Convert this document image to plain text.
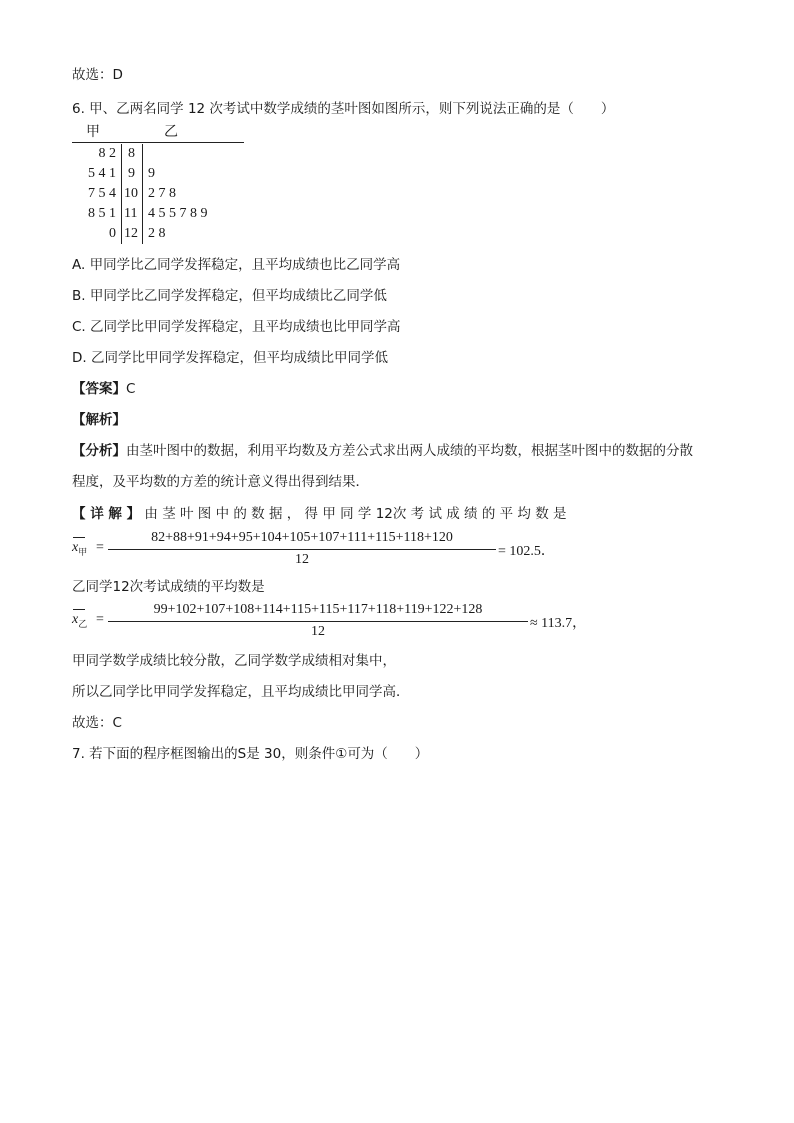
故选：D
6. 甲、乙两名同学 12 次考试中数学成绩的茎叶图如图所示，则下列说法正确的是（　　）
甲	乙
8 2 8
5 4 1 9 9
7 5 4 10 2 7 8
8 5 1 11 4 5 5 7 8 9
0 12 2 8
A. 甲同学比乙同学发挥稳定，且平均成绩也比乙同学高
B. 甲同学比乙同学发挥稳定，但平均成绩比乙同学低
C. 乙同学比甲同学发挥稳定，且平均成绩也比甲同学高
D. 乙同学比甲同学发挥稳定，但平均成绩比甲同学低
【答案】C
【解析】
【分析】由茎叶图中的数据，利用平均数及方差公式求出两人成绩的平均数，根据茎叶图中的数据的分散
程度，及平均数的方差的统计意义得出得到结果．
【 详 解 】 由 茎 叶 图 中 的 数 据 ， 得 甲 同 学 12次 考 试 成 绩 的 平 均 数 是
$x_甲$ =
82+88+91+94+95+104+105+107+111+115+118+120
12
= 102.5．
乙同学12次考试成绩的平均数是
$x_乙$ =
99+102+107+108+114+115+115+117+118+119+122+128
12
≈ 113.7，
甲同学数学成绩比较分散，乙同学数学成绩相对集中，
所以乙同学比甲同学发挥稳定，且平均成绩比甲同学高．
故选：C
7. 若下面的程序框图输出的S是 30，则条件①可为（　　）
